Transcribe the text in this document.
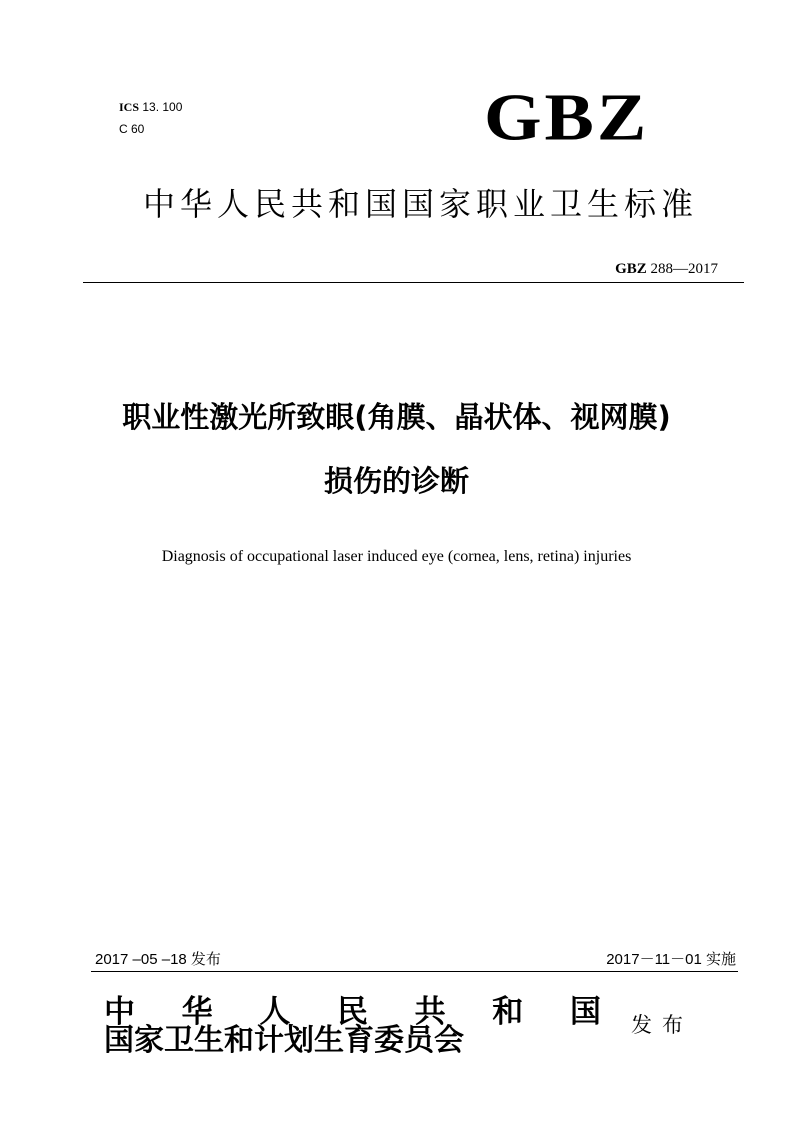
ICS 13. 100
C 60	GBZ
中华人民共和国国家职业卫生标准
GBZ 288—2017
职业性激光所致眼(角膜、晶状体、视网膜)
损伤的诊断
Diagnosis of occupational laser induced eye (cornea, lens, retina) injuries
2017 –05 –18 发布	2017－11－01 实施
中 华 人 民 共 和 国
国家卫生和计划生育委员会	发布
